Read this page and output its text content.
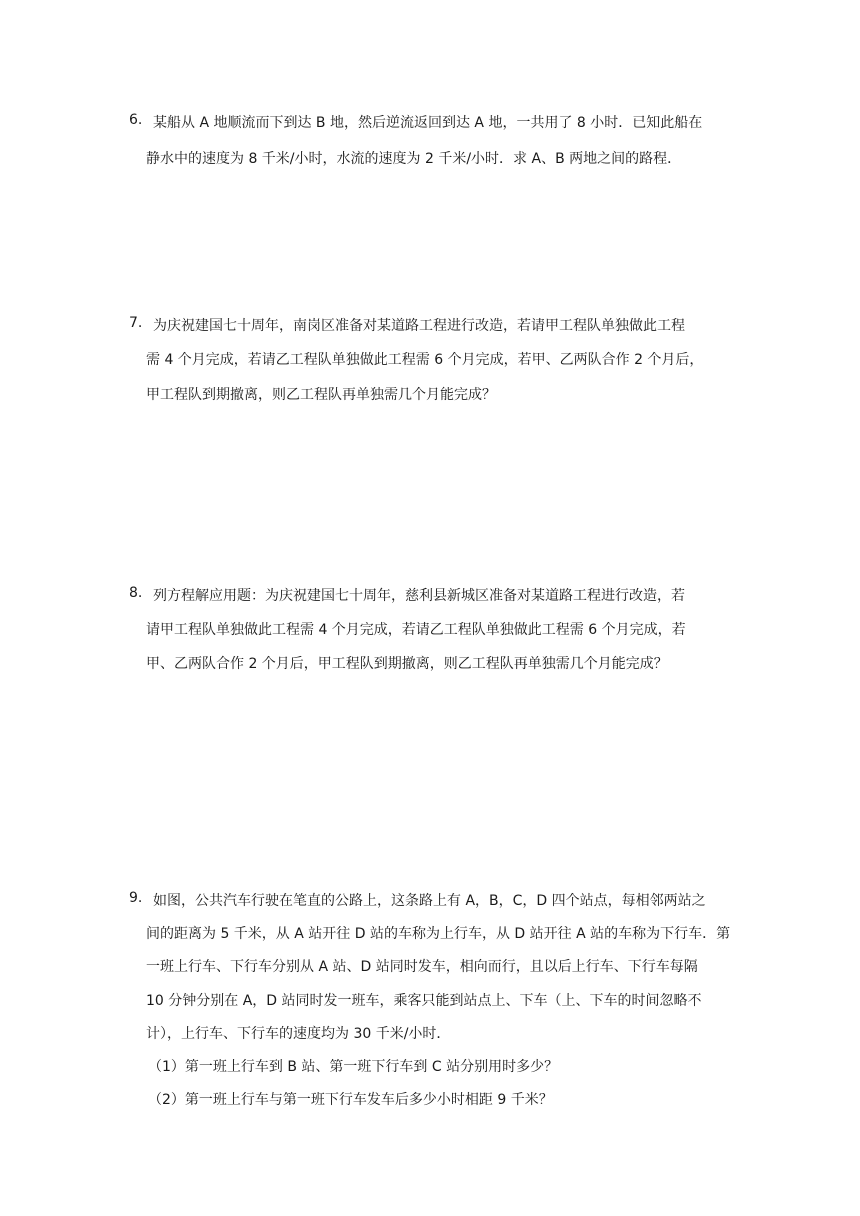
6. 某船从 A 地顺流而下到达 B 地，然后逆流返回到达 A 地，一共用了 8 小时．已知此船在
静水中的速度为 8 千米/小时，水流的速度为 2 千米/小时．求 A、B 两地之间的路程．
7. 为庆祝建国七十周年，南岗区准备对某道路工程进行改造，若请甲工程队单独做此工程
需 4 个月完成，若请乙工程队单独做此工程需 6 个月完成，若甲、乙两队合作 2 个月后，
甲工程队到期撤离，则乙工程队再单独需几个月能完成？
8. 列方程解应用题：为庆祝建国七十周年，慈利县新城区准备对某道路工程进行改造，若
请甲工程队单独做此工程需 4 个月完成，若请乙工程队单独做此工程需 6 个月完成，若
甲、乙两队合作 2 个月后，甲工程队到期撤离，则乙工程队再单独需几个月能完成？
9. 如图，公共汽车行驶在笔直的公路上，这条路上有 A，B，C，D 四个站点，每相邻两站之
间的距离为 5 千米，从 A 站开往 D 站的车称为上行车，从 D 站开往 A 站的车称为下行车．第
一班上行车、下行车分别从 A 站、D 站同时发车，相向而行，且以后上行车、下行车每隔
10 分钟分别在 A，D 站同时发一班车，乘客只能到站点上、下车（上、下车的时间忽略不
计），上行车、下行车的速度均为 30 千米/小时．
（1）第一班上行车到 B 站、第一班下行车到 C 站分别用时多少？
（2）第一班上行车与第一班下行车发车后多少小时相距 9 千米？
